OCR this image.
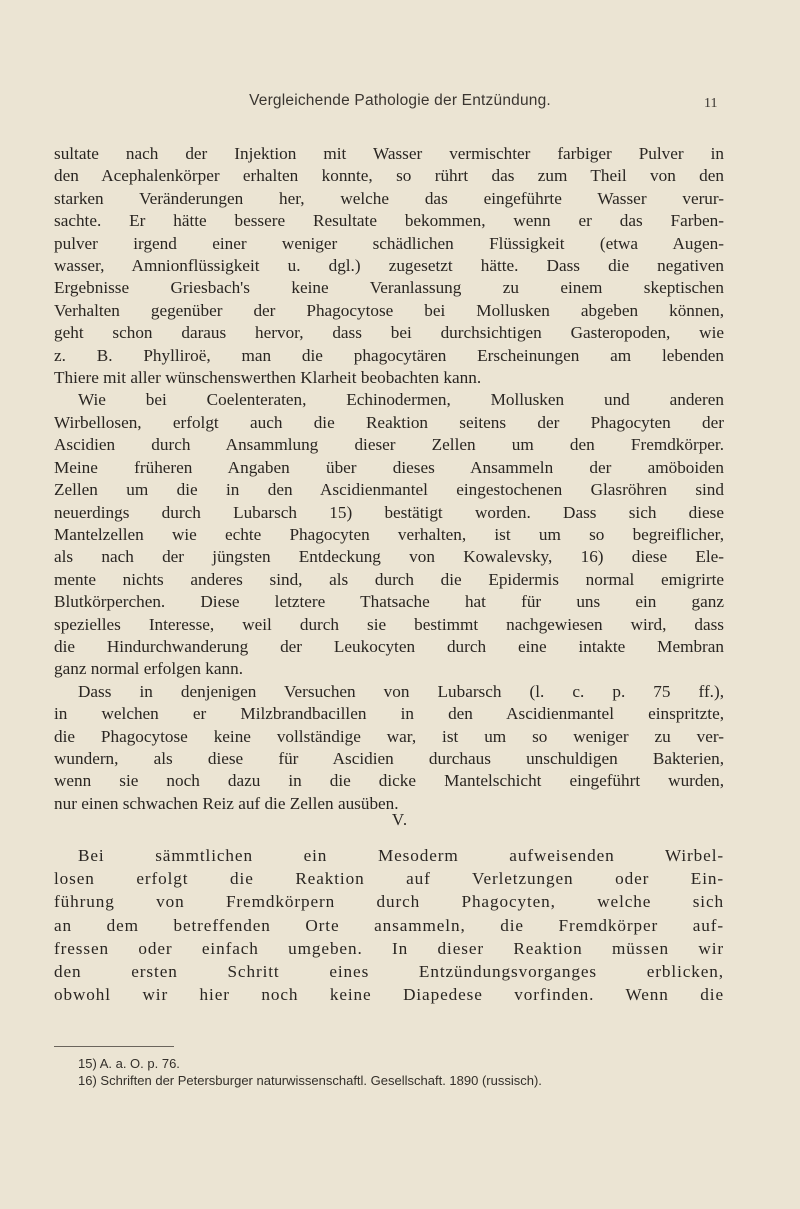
Vergleichende Pathologie der Entzündung.	11
sultate nach der Injektion mit Wasser vermischter farbiger Pulver in
den Acephalenkörper erhalten konnte, so rührt das zum Theil von den
starken Veränderungen her, welche das eingeführte Wasser verur-
sachte. Er hätte bessere Resultate bekommen, wenn er das Farben-
pulver irgend einer weniger schädlichen Flüssigkeit (etwa Augen-
wasser, Amnionflüssigkeit u. dgl.) zugesetzt hätte. Dass die negativen
Ergebnisse Griesbach's keine Veranlassung zu einem skeptischen
Verhalten gegenüber der Phagocytose bei Mollusken abgeben können,
geht schon daraus hervor, dass bei durchsichtigen Gasteropoden, wie
z. B. Phylliroë, man die phagocytären Erscheinungen am lebenden
Thiere mit aller wünschenswerthen Klarheit beobachten kann.
Wie bei Coelenteraten, Echinodermen, Mollusken und anderen
Wirbellosen, erfolgt auch die Reaktion seitens der Phagocyten der
Ascidien durch Ansammlung dieser Zellen um den Fremdkörper.
Meine früheren Angaben über dieses Ansammeln der amöboiden
Zellen um die in den Ascidienmantel eingestochenen Glasröhren sind
neuerdings durch Lubarsch 15) bestätigt worden. Dass sich diese
Mantelzellen wie echte Phagocyten verhalten, ist um so begreiflicher,
als nach der jüngsten Entdeckung von Kowalevsky, 16) diese Ele-
mente nichts anderes sind, als durch die Epidermis normal emigrirte
Blutkörperchen. Diese letztere Thatsache hat für uns ein ganz
spezielles Interesse, weil durch sie bestimmt nachgewiesen wird, dass
die Hindurchwanderung der Leukocyten durch eine intakte Membran
ganz normal erfolgen kann.
Dass in denjenigen Versuchen von Lubarsch (l. c. p. 75 ff.),
in welchen er Milzbrandbacillen in den Ascidienmantel einspritzte,
die Phagocytose keine vollständige war, ist um so weniger zu ver-
wundern, als diese für Ascidien durchaus unschuldigen Bakterien,
wenn sie noch dazu in die dicke Mantelschicht eingeführt wurden,
nur einen schwachen Reiz auf die Zellen ausüben.
V.
Bei sämmtlichen ein Mesoderm aufweisenden Wirbel-
losen erfolgt die Reaktion auf Verletzungen oder Ein-
führung von Fremdkörpern durch Phagocyten, welche sich
an dem betreffenden Orte ansammeln, die Fremdkörper auf-
fressen oder einfach umgeben. In dieser Reaktion müssen wir
den ersten Schritt eines Entzündungsvorganges erblicken,
obwohl wir hier noch keine Diapedese vorfinden. Wenn die
15) A. a. O. p. 76.
16) Schriften der Petersburger naturwissenschaftl. Gesellschaft. 1890 (russisch).
